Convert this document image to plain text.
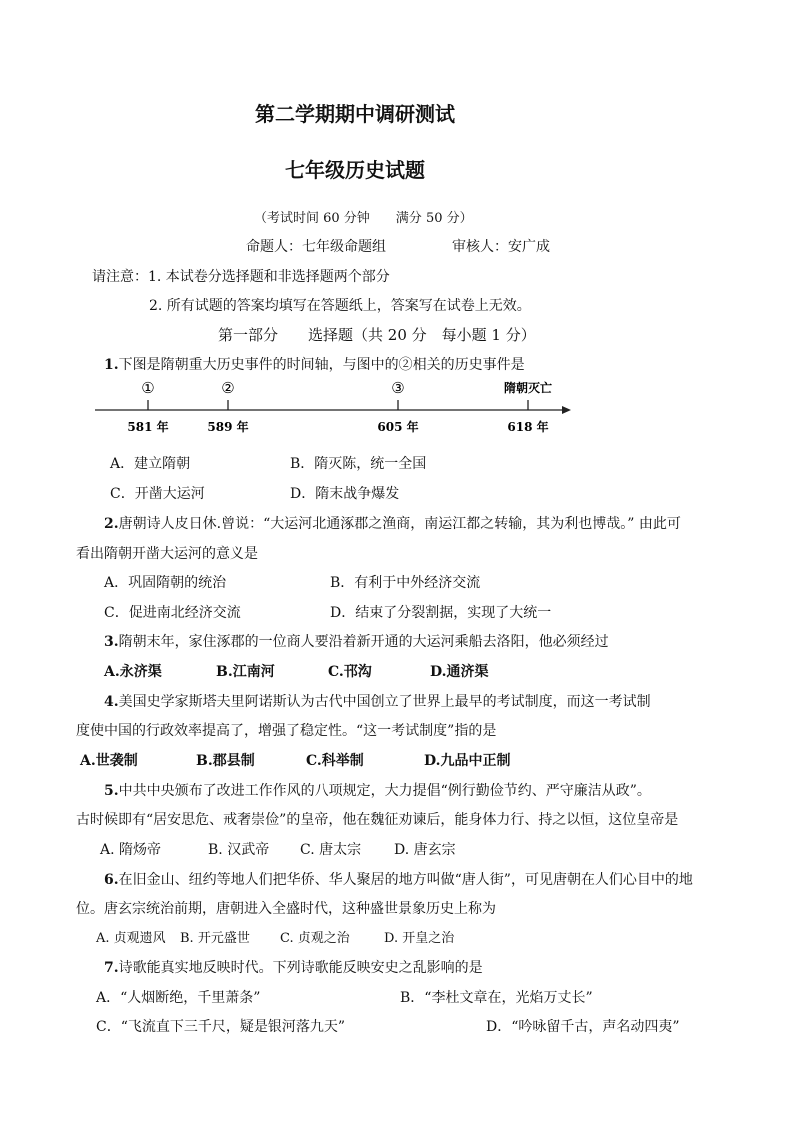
第二学期期中调研测试
七年级历史试题
（考试时间 60 分钟　　满分 50 分）
命题人：七年级命题组	审核人：安广成
请注意：1. 本试卷分选择题和非选择题两个部分
2. 所有试题的答案均填写在答题纸上，答案写在试卷上无效。
第一部分　　选择题（共 20 分　每小题 1 分）
1.下图是隋朝重大历史事件的时间轴，与图中的②相关的历史事件是
①	②	③	隋朝灭亡
581 年	589 年	605 年	618 年
A．建立隋朝	B．隋灭陈，统一全国
C．开凿大运河	D．隋末战争爆发
2.唐朝诗人皮日休.曾说：“大运河北通涿郡之渔商，南运江都之转输，其为利也博哉。” 由此可
看出隋朝开凿大运河的意义是
A．巩固隋朝的统治	B．有利于中外经济交流
C．促进南北经济交流	D．结束了分裂割据，实现了大统一
3.隋朝末年，家住涿郡的一位商人要沿着新开通的大运河乘船去洛阳，他必须经过
A.永济渠	B.江南河	C.邗沟	D.通济渠
4.美国史学家斯塔夫里阿诺斯认为古代中国创立了世界上最早的考试制度，而这一考试制
度使中国的行政效率提高了，增强了稳定性。“这一考试制度”指的是
A.世袭制	B.郡县制	C.科举制	D.九品中正制
5.中共中央颁布了改进工作作风的八项规定，大力提倡“例行勤俭节约、严守廉洁从政”。
古时候即有“居安思危、戒奢崇俭”的皇帝，他在魏征劝谏后，能身体力行、持之以恒，这位皇帝是
A. 隋炀帝	B. 汉武帝 C. 唐太宗 D. 唐玄宗
6.在旧金山、纽约等地人们把华侨、华人聚居的地方叫做“唐人街”，可见唐朝在人们心目中的地
位。唐玄宗统治前期，唐朝进入全盛时代，这种盛世景象历史上称为
A. 贞观遗风 B. 开元盛世 C. 贞观之治	D. 开皇之治
7.诗歌能真实地反映时代。下列诗歌能反映安史之乱影响的是
A．“人烟断绝，千里萧条”	B．“李杜文章在，光焰万丈长”
C．“飞流直下三千尺，疑是银河落九天”	D．“吟咏留千古，声名动四夷”
